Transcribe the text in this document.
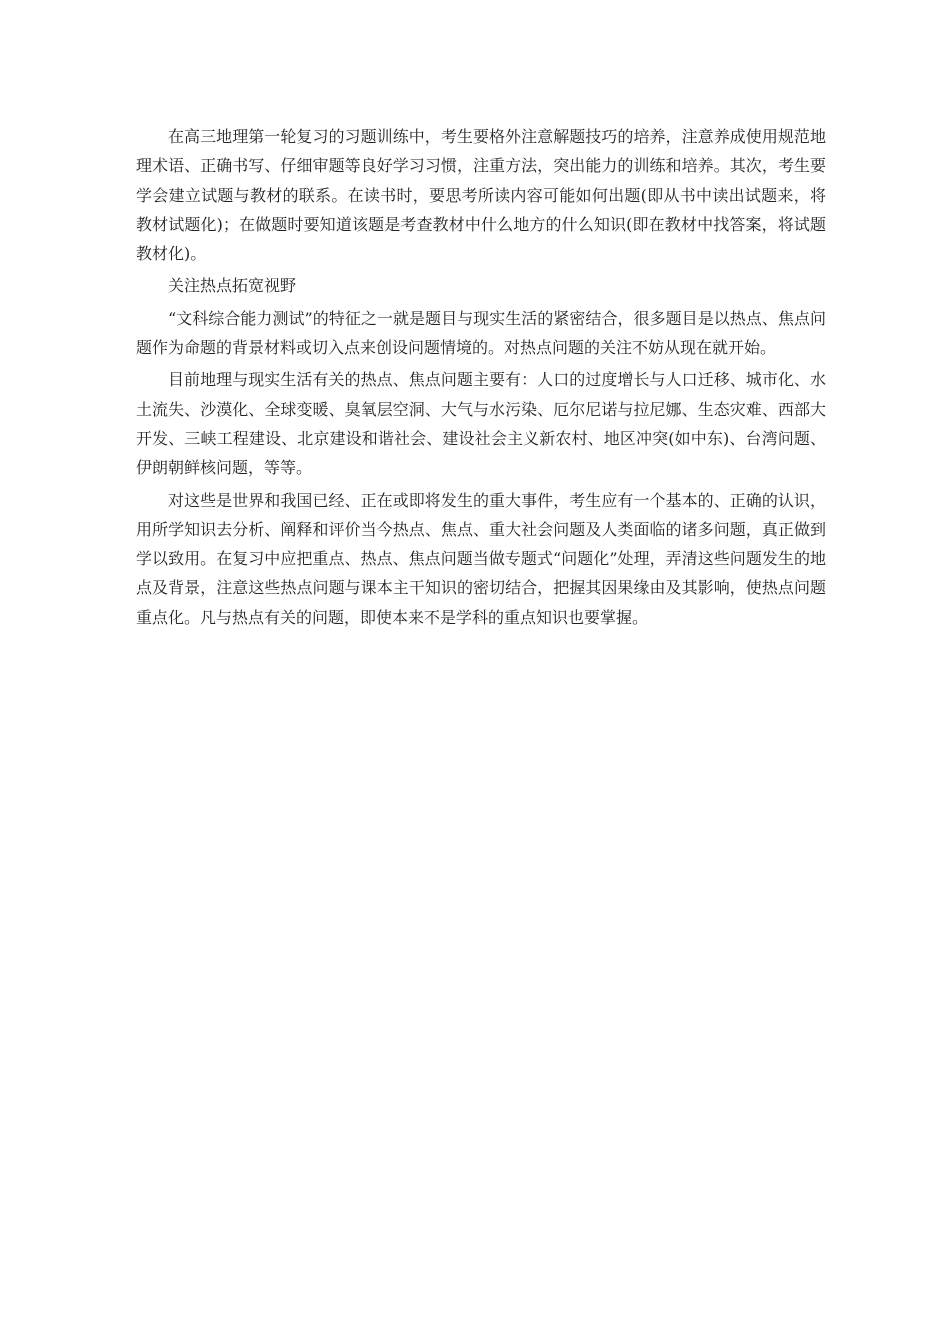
在高三地理第一轮复习的习题训练中，考生要格外注意解题技巧的培养，注意养成使用规范地理术语、正确书写、仔细审题等良好学习习惯，注重方法，突出能力的训练和培养。其次，考生要学会建立试题与教材的联系。在读书时，要思考所读内容可能如何出题(即从书中读出试题来，将教材试题化)；在做题时要知道该题是考查教材中什么地方的什么知识(即在教材中找答案，将试题教材化)。

关注热点拓宽视野

“文科综合能力测试”的特征之一就是题目与现实生活的紧密结合，很多题目是以热点、焦点问题作为命题的背景材料或切入点来创设问题情境的。对热点问题的关注不妨从现在就开始。

目前地理与现实生活有关的热点、焦点问题主要有：人口的过度增长与人口迁移、城市化、水土流失、沙漠化、全球变暖、臭氧层空洞、大气与水污染、厄尔尼诺与拉尼娜、生态灾难、西部大开发、三峡工程建设、北京建设和谐社会、建设社会主义新农村、地区冲突(如中东)、台湾问题、伊朗朝鲜核问题，等等。

对这些是世界和我国已经、正在或即将发生的重大事件，考生应有一个基本的、正确的认识，用所学知识去分析、阐释和评价当今热点、焦点、重大社会问题及人类面临的诸多问题，真正做到学以致用。在复习中应把重点、热点、焦点问题当做专题式“问题化”处理，弄清这些问题发生的地点及背景，注意这些热点问题与课本主干知识的密切结合，把握其因果缘由及其影响，使热点问题重点化。凡与热点有关的问题，即使本来不是学科的重点知识也要掌握。
